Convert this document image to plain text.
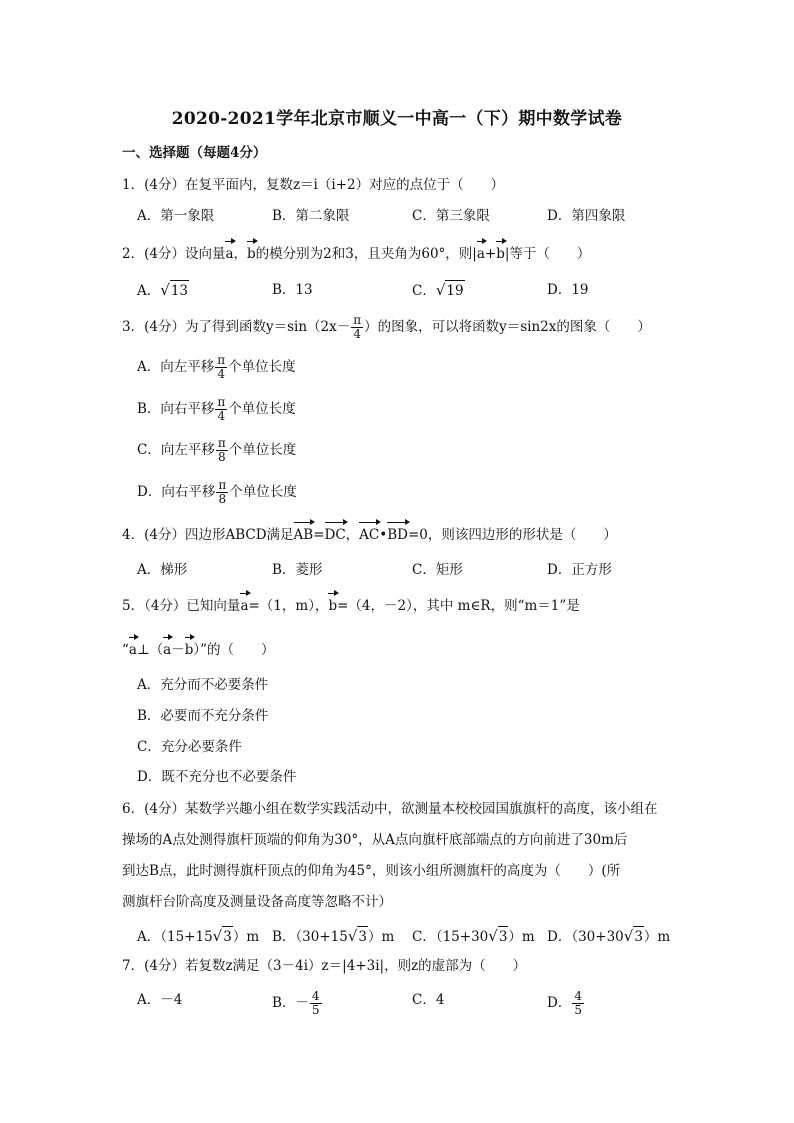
2020-2021学年北京市顺义一中高一（下）期中数学试卷
一、选择题（每题4分）
1．(4分）在复平面内，复数z＝i（i+2）对应的点位于（　　）
A．第一象限	B．第二象限	C．第三象限	D．第四象限
2．(4分）设向量a，b的模分别为2和3，且夹角为60°，则|a+b|等于（　　）
A．√13	B．13	C．√19	D．19
3．(4分）为了得到函数$y=\sin(2x- \frac{\pi}{4}$ ）的图象，可以将函数y＝sin2x的图象（　　）
A．向左平移 $\frac{\pi}{4}$ 个单位长度
B．向右平移 $\frac{\pi}{4}$ 个单位长度
C．向左平移 $\frac{\pi}{8}$ 个单位长度
D．向右平移 $\frac{\pi}{8}$ 个单位长度
4．(4分）四边形ABCD满足AB=DC，AC•BD=0，则该四边形的形状是（　　）
A．梯形	B．菱形	C．矩形	D．正方形
5．（4分）已知向量a=（1，m），b=（4，－2），其中 m∈R，则“m＝1”是
“a⊥（a－b）”的（　　）
A．充分而不必要条件
B．必要而不充分条件
C．充分必要条件
D．既不充分也不必要条件
6．(4分）某数学兴趣小组在数学实践活动中，欲测量本校校园国旗旗杆的高度，该小组在
操场的A点处测得旗杆顶端的仰角为30°，从A点向旗杆底部端点的方向前进了30m后
到达B点，此时测得旗杆顶点的仰角为45°，则该小组所测旗杆的高度为（　　）(所
测旗杆台阶高度及测量设备高度等忽略不计）
A．（15+15√3）m B．（30+15√3）m C．（15+30√3）m D．（30+30√3）m
7．(4分）若复数z满足（3－4i）z＝|4+3i|，则z的虚部为（　　）
A．－4	B．－ $\frac{4}{5}$	C．4	D． $\frac{4}{5}$
